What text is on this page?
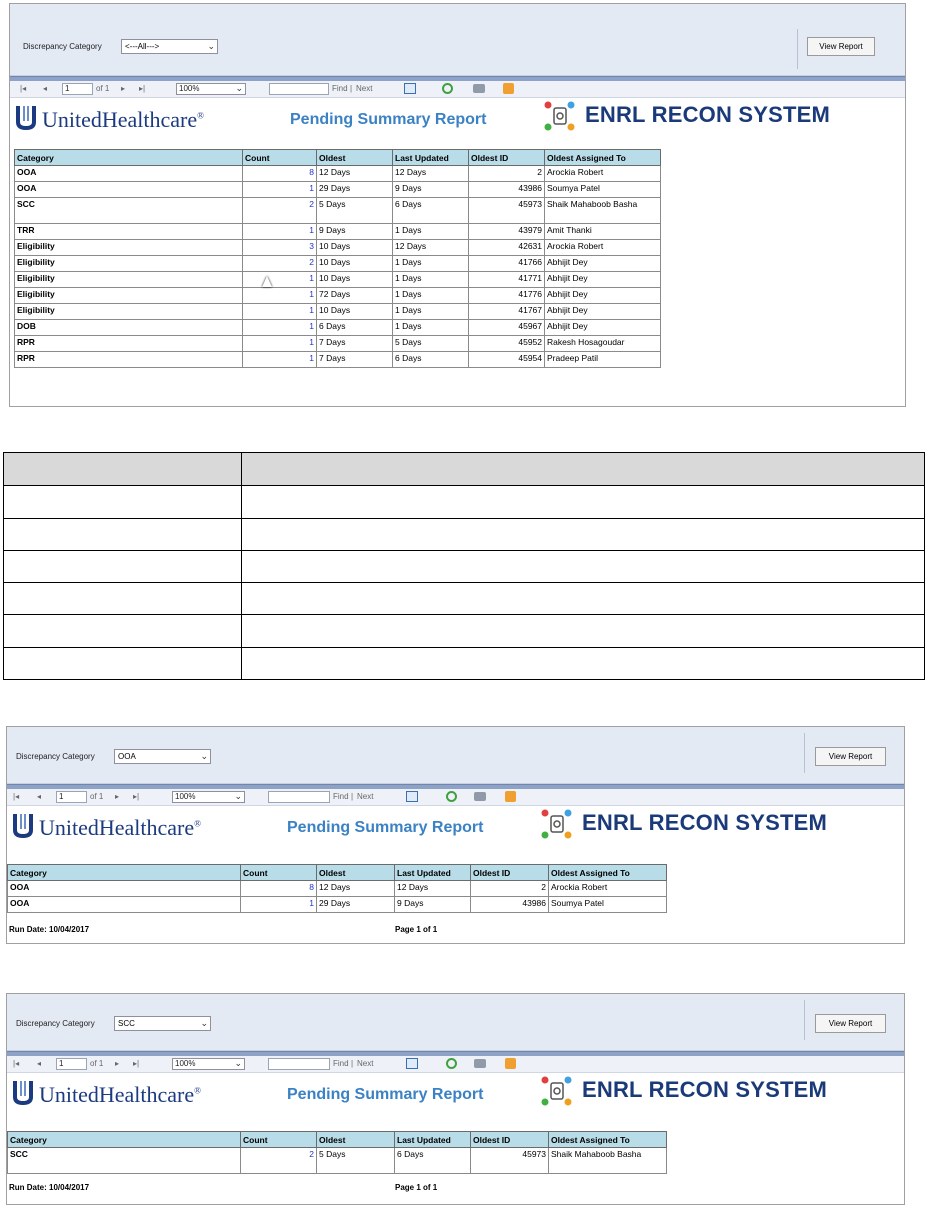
Discrepancy Category	<---All--->	⌄	View Report
|◂ ◂	1	of 1 ▸ ▸|	100%	⌄	Find | Next
UnitedHealthcare®	Pending Summary Report	ENRL RECON SYSTEM
Category	Count	Oldest	Last Updated	Oldest ID	Oldest Assigned To
OOA	8	12 Days	12 Days	2	Arockia Robert
OOA	1	29 Days	9 Days	43986	Soumya Patel
SCC	2	5 Days	6 Days	45973	Shaik Mahaboob Basha
TRR	1	9 Days	1 Days	43979	Amit Thanki
Eligibility	3	10 Days	12 Days	42631	Arockia Robert
Eligibility	2	10 Days	1 Days	41766	Abhijit Dey
Eligibility	1	10 Days	1 Days	41771	Abhijit Dey
Eligibility	1	72 Days	1 Days	41776	Abhijit Dey
Eligibility	1	10 Days	1 Days	41767	Abhijit Dey
DOB	1	6 Days	1 Days	45967	Abhijit Dey
RPR	1	7 Days	5 Days	45952	Rakesh Hosagoudar
RPR	1	7 Days	6 Days	45954	Pradeep Patil

Discrepancy Category	OOA	⌄	View Report
|◂ ◂	1	of 1 ▸ ▸|	100%	⌄	Find | Next
UnitedHealthcare®	Pending Summary Report	ENRL RECON SYSTEM
Category	Count	Oldest	Last Updated	Oldest ID	Oldest Assigned To
OOA	8	12 Days	12 Days	2	Arockia Robert
OOA	1	29 Days	9 Days	43986	Soumya Patel
Run Date: 10/04/2017	Page 1 of 1
Discrepancy Category	SCC	⌄	View Report
|◂ ◂	1	of 1 ▸ ▸|	100%	⌄	Find | Next
UnitedHealthcare®	Pending Summary Report	ENRL RECON SYSTEM
Category	Count	Oldest	Last Updated	Oldest ID	Oldest Assigned To
SCC	2	5 Days	6 Days	45973	Shaik Mahaboob Basha
Run Date: 10/04/2017	Page 1 of 1
